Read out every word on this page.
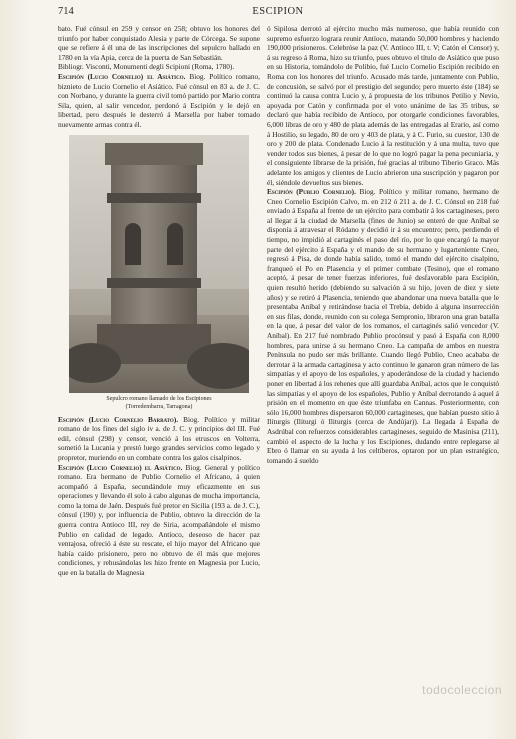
714	ESCIPION

bato. Fué cónsul en 259 y censor en 258; obtuvo los honores del triunfo por haber conquistado Alesia y parte de Córcega. Se supone que se refiere á él una de las inscripciones del sepulcro hallado en 1780 en la vía Apia, cerca de la puerta de San Sebastián.

Bibliogr. Visconti, Monumenti degli Scipioni (Roma, 1780).

Escipión (Lucio Cornelio) el Asiático. Biog. Político romano, biznieto de Lucio Cornelio el Asiático. Fué cónsul en 83 a. de J. C. con Norbano, y durante la guerra civil tomó partido por Mario contra Sila, quien, al salir vencedor, perdonó á Escipión y le dejó en libertad, pero después le desterró á Marsella por haber tomado nuevamente armas contra él.

Sepulcro romano llamado de los Escipiones
(Torredembarra, Tarragona)

Escipión (Lucio Cornelio Barbato). Biog. Político y militar romano de los fines del siglo iv a. de J. C. y principios del III. Fué edil, cónsul (298) y censor, venció á los etruscos en Volterra, sometió la Lucania y prestó luego grandes servicios como legado y propretor, muriendo en un combate contra los galos cisalpinos.

Escipión (Lucio Cornelio) el Asiático. Biog. General y político romano. Era hermano de Publio Cornelio el Africano, á quien acompañó á España, secundándole muy eficazmente en sus operaciones y llevando él solo á cabo algunas de mucha importancia, como la toma de Jaén. Después fué pretor en Sicilia (193 a. de J. C.), cónsul (190) y, por influencia de Publio, obtuvo la dirección de la guerra contra Antíoco III, rey de Siria, acompañándole el mismo Publio en calidad de legado. Antíoco, deseoso de hacer paz ventajosa, ofreció á éste su rescate, el hijo mayor del Africano que había caído prisionero, pero no obtuvo de él más que mejores condiciones, y rehusándolas les hizo frente en Magnesia por Lucio, que en la batalla de Magnesia

ó Sipilosa derrotó al ejército mucho más numeroso, que había reunido con supremo esfuerzo lograra reunir Antíoco, matando 50,000 hombres y haciendo 190,000 prisioneros. Celebróse la paz (V. Antíoco III, t. V; Catón el Censor) y, á su regreso á Roma, hizo su triunfo, pues obtuvo el título de Asiático que puso en su Historia, tomándolo de Polibio, fué Lucio Cornelio Escipión recibido en Roma con los honores del triunfo. Acusado más tarde, juntamente con Publio, de concusión, se salvó por el prestigio del segundo; pero muerto éste (184) se continuó la causa contra Lucio y, á propuesta de los tribunos Petilio y Nevio, apoyada por Catón y confirmada por el voto unánime de las 35 tribus, se declaró que había recibido de Antíoco, por otorgarle condiciones favorables, 6,000 libras de oro y 480 de plata además de las entregadas al Erario, así como á Hostilio, su legado, 80 de oro y 403 de plata, y á C. Furio, su cuestor, 130 de oro y 200 de plata. Condenado Lucio á la restitución y á una multa, tuvo que vender todos sus bienes, á pesar de lo que no logró pagar la pena pecuniaria, y el consiguiente librarse de la prisión, fué gracias al tribuno Tiberio Graco. Más adelante los amigos y clientes de Lucio abrieron una suscripción y pagaron por él, siéndole devueltos sus bienes.

Escipión (Publio Cornelio). Biog. Político y militar romano, hermano de Cneo Cornelio Escipión Calvo, m. en 212 ó 211 a. de J. C. Cónsul en 218 fué enviado á España al frente de un ejército para combatir á los cartagineses, pero al llegar á la ciudad de Marsella (fines de Junio) se enteró de que Aníbal se disponía á atravesar el Ródano y decidió ir á su encuentro; pero, perdiendo el tiempo, no impidió al cartaginés el paso del río, por lo que encargó la mayor parte del ejército á España y el mando de su hermano y lugarteniente Cneo, regresó á Pisa, de donde había salido, tomó el mando del ejército cisalpino, franqueó el Po en Plasencia y el primer combate (Tesino), que el romano aceptó, á pesar de tener fuerzas inferiores, fué desfavorable para Escipión, quien resultó herido (debiendo su salvación á su hijo, joven de diez y siete años) y se retiró á Plasencia, teniendo que abandonar una nueva batalla que le presentaba Aníbal y retirándose hacia el Trebia, debido á alguna insurrección en sus filas, donde, reunido con su colega Sempronio, libraron una gran batalla en la que, á pesar del valor de los romanos, el cartaginés salió vencedor (V. Aníbal). En 217 fué nombrado Publio procónsul y pasó á España con 8,000 hombres, para unirse á su hermano Cneo. La campaña de ambos en nuestra Península no pudo ser más brillante. Cuando llegó Publio, Cneo acababa de derrotar á la armada cartaginesa y acto continuo le ganaron gran número de las simpatías y el apoyo de los españoles, y apoderándose de la ciudad y haciendo poner en libertad á los rehenes que allí guardaba Aníbal, actos que le conquistó las simpatías y el apoyo de los españoles, Publio y Aníbal derrotando á aquel á prisión en el momento en que éste triunfaba en Cannas. Posteriormente, con sólo 16,000 hombres dispersaron 60,000 cartagineses, que habían puesto sitio á Iliturgis (Iliturgi ó Iliturgis (cerca de Andújar)). La llegada á España de Asdrúbal con refuerzos considerables cartagineses, seguido de Masinisa (211), cambió el aspecto de la lucha y los Escipiones, dudando entre replegarse al Ebro ó llamar en su ayuda á los celtíberos, optaron por un plan estratégico, tomando á sueldo

todocoleccion
